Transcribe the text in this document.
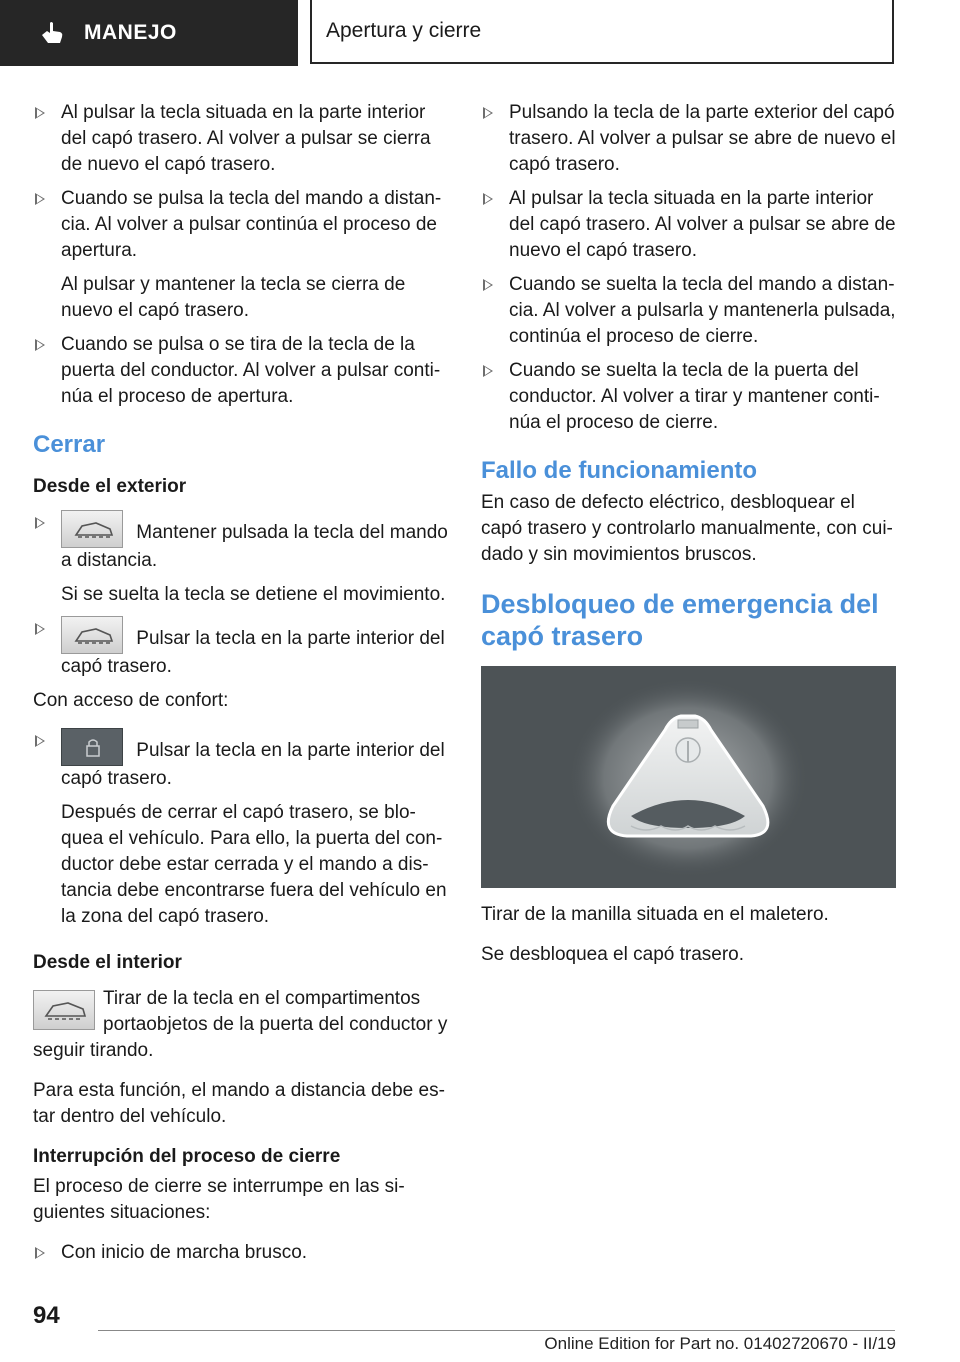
MANEJO	Apertura y cierre
Al pulsar la tecla situada en la parte interior del capó trasero. Al volver a pulsar se cierra de nuevo el capó trasero.
Cuando se pulsa la tecla del mando a distan‐ cia. Al volver a pulsar continúa el proceso de apertura.
Al pulsar y mantener la tecla se cierra de nuevo el capó trasero.
Cuando se pulsa o se tira de la tecla de la puerta del conductor. Al volver a pulsar conti‐ núa el proceso de apertura.
Cerrar
Desde el exterior
Mantener pulsada la tecla del mando a distancia.
Si se suelta la tecla se detiene el movimiento.
Pulsar la tecla en la parte interior del capó trasero.
Con acceso de confort:
Pulsar la tecla en la parte interior del capó trasero.
Después de cerrar el capó trasero, se blo‐ quea el vehículo. Para ello, la puerta del con‐ ductor debe estar cerrada y el mando a dis‐ tancia debe encontrarse fuera del vehículo en la zona del capó trasero.
Desde el interior
Tirar de la tecla en el compartimentos portaobjetos de la puerta del conductor y seguir tirando.
Para esta función, el mando a distancia debe es‐ tar dentro del vehículo.
Interrupción del proceso de cierre
El proceso de cierre se interrumpe en las si‐ guientes situaciones:
Con inicio de marcha brusco.
Pulsando la tecla de la parte exterior del capó trasero. Al volver a pulsar se abre de nuevo el capó trasero.
Al pulsar la tecla situada en la parte interior del capó trasero. Al volver a pulsar se abre de nuevo el capó trasero.
Cuando se suelta la tecla del mando a distan‐ cia. Al volver a pulsarla y mantenerla pulsada, continúa el proceso de cierre.
Cuando se suelta la tecla de la puerta del conductor. Al volver a tirar y mantener conti‐ núa el proceso de cierre.
Fallo de funcionamiento
En caso de defecto eléctrico, desbloquear el capó trasero y controlarlo manualmente, con cui‐ dado y sin movimientos bruscos.
Desbloqueo de emergencia del capó trasero
Tirar de la manilla situada en el maletero.
Se desbloquea el capó trasero.
94
Online Edition for Part no. 01402720670 - II/19
